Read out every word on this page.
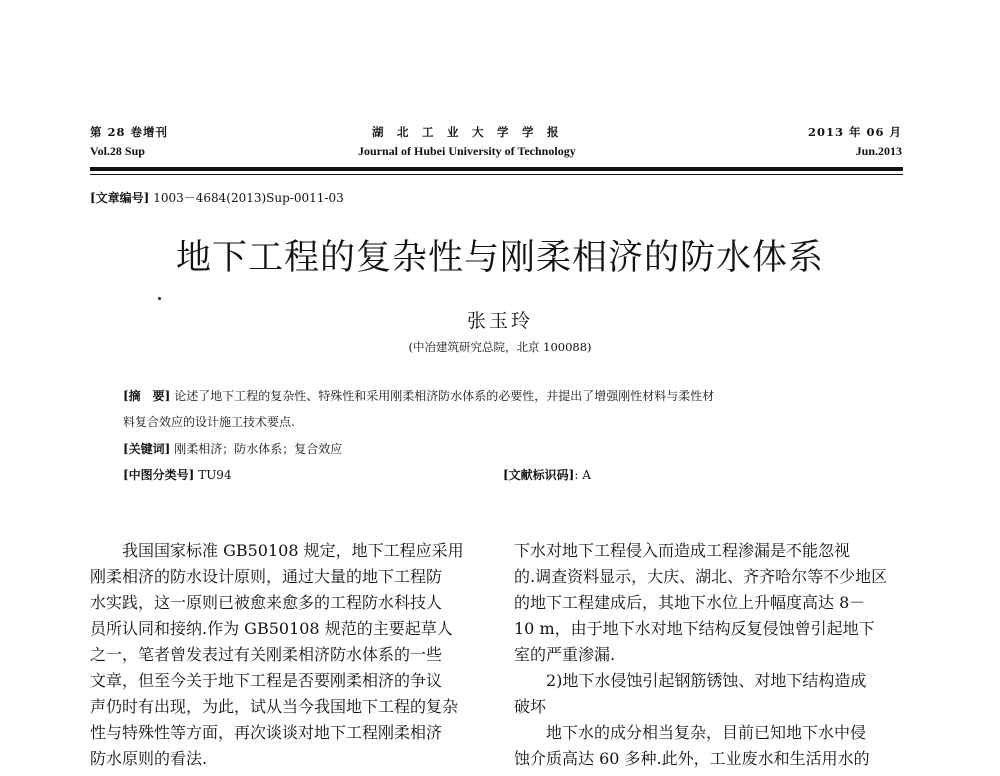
第 28 卷增刊	湖　北　工　业　大　学　学　报	2013 年 06 月
Vol.28 Sup	Journal of Hubei University of Technology	Jun.2013
[文章编号] 1003－4684(2013)Sup-0011-03
地下工程的复杂性与刚柔相济的防水体系
张玉玲
(中冶建筑研究总院，北京 100088)
[摘　要] 论述了地下工程的复杂性、特殊性和采用刚柔相济防水体系的必要性，并提出了增强刚性材料与柔性材
料复合效应的设计施工技术要点.
[关键词] 刚柔相济；防水体系；复合效应
[中图分类号] TU94	[文献标识码]: A

我国国家标准 GB50108 规定，地下工程应采用

刚柔相济的防水设计原则，通过大量的地下工程防

水实践，这一原则已被愈来愈多的工程防水科技人

员所认同和接纳.作为 GB50108 规范的主要起草人

之一，笔者曾发表过有关刚柔相济防水体系的一些

文章，但至今关于地下工程是否要刚柔相济的争议

声仍时有出现，为此，试从当今我国地下工程的复杂

性与特殊性等方面，再次谈谈对地下工程刚柔相济

防水原则的看法.

下水对地下工程侵入而造成工程渗漏是不能忽视

的.调查资料显示，大庆、湖北、齐齐哈尔等不少地区

的地下工程建成后，其地下水位上升幅度高达 8－

10 m，由于地下水对地下结构反复侵蚀曾引起地下

室的严重渗漏.

2)地下水侵蚀引起钢筋锈蚀、对地下结构造成

破坏

地下水的成分相当复杂，目前已知地下水中侵

蚀介质高达 60 多种.此外，工业废水和生活用水的
